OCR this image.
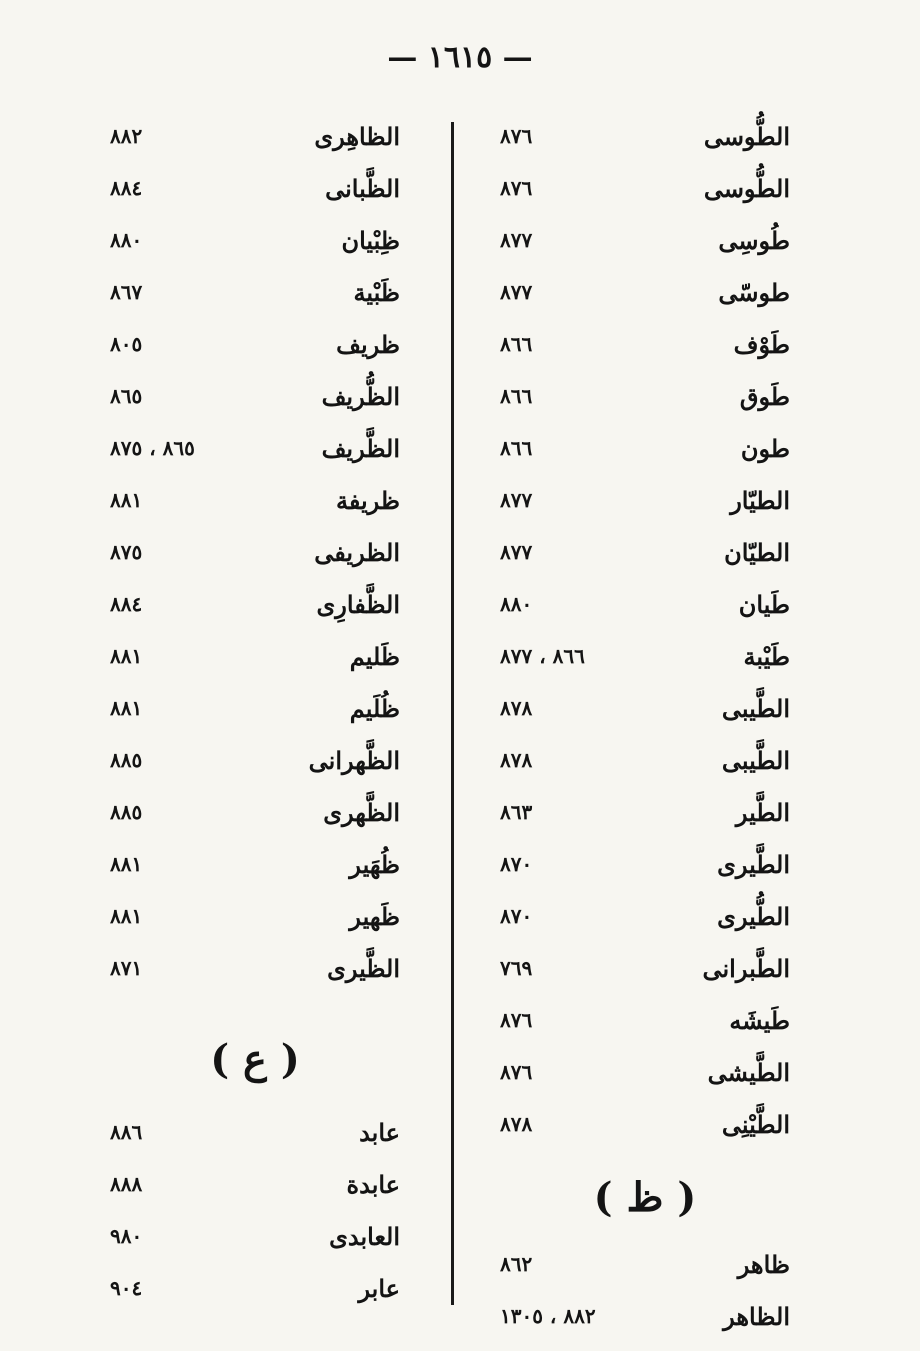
— ١٦١٥ —
الطُّوسى
٨٧٦
الطُّوسى
٨٧٦
طُوسِى
٨٧٧
طوسّى
٨٧٧
طَوْف
٨٦٦
طَوق
٨٦٦
طون
٨٦٦
الطيّار
٨٧٧
الطيّان
٨٧٧
طَيان
٨٨٠
طَيْبة
٨٦٦ ، ٨٧٧
الطَّيبى
٨٧٨
الطَّيبى
٨٧٨
الطَّير
٨٦٣
الطَّيرى
٨٧٠
الطُّيرى
٨٧٠
الطَّبرانى
٧٦٩
طَيشَه
٨٧٦
الطَّيشى
٨٧٦
الطَّيْنِى
٨٧٨
( ظ )
ظاهر
٨٦٢
الظاهر
٨٨٢ ، ١٣٠٥
الظاهِرى
٨٨٢
الظَّبانى
٨٨٤
ظِبْيان
٨٨٠
ظَبْية
٨٦٧
ظريف
٨٠٥
الظُّريف
٨٦٥
الظَّريف
٨٦٥ ، ٨٧٥
ظريفة
٨٨١
الظريفى
٨٧٥
الظَّفارِى
٨٨٤
ظَليم
٨٨١
ظُلَيم
٨٨١
الظَّهرانى
٨٨٥
الظَّهرى
٨٨٥
ظُهَير
٨٨١
ظَهير
٨٨١
الظَّيرى
٨٧١
( ع )
عابد
٨٨٦
عابدة
٨٨٨
العابدى
٩٨٠
عابر
٩٠٤
